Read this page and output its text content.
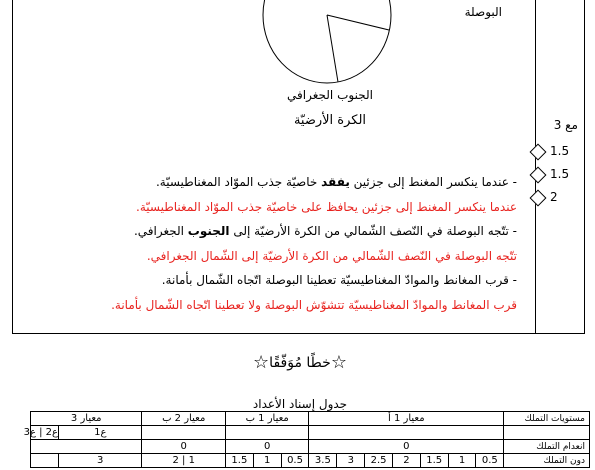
البوصلة
الجنوب الجغرافي
الكرة الأرضيّة	مع 3
1.5
1.5
2
- عندما ينكسر المغنط إلى جزئين يفقد خاصيّة جذب الموّاد المغناطيسيّة.
عندما ينكسر المغنط إلى جزئين يحافظ على خاصيّة جذب الموّاد المغناطيسيّة.
- تتّجه البوصلة في النّصف الشّمالي من الكرة الأرضيّة إلى الجنوب الجغرافي.
تتّجه البوصلة في النّصف الشّمالي من الكرة الأرضيّة إلى الشّمال الجغرافي.
- قرب المغانط والموادّ المغناطيسيّة تعطينا البوصلة اتّجاه الشّمال بأمانة.
قرب المغانط والموادّ المغناطيسيّة تتشوّش البوصلة ولا تعطينا اتّجاه الشّمال بأمانة.
☆خطًا مُوَفّقًا☆
جدول إسناد الأعداد
مستويات التملك	معيار 1 أ							معيار 1 ب			معيار 2 ب	معيار 3	
												ع1	ع2 | ع3
انعدام التملك	0							0			0		
دون التملك	0.5	1	1.5	2	2.5	3	3.5	0.5	1	1.5	1 | 2	3	
